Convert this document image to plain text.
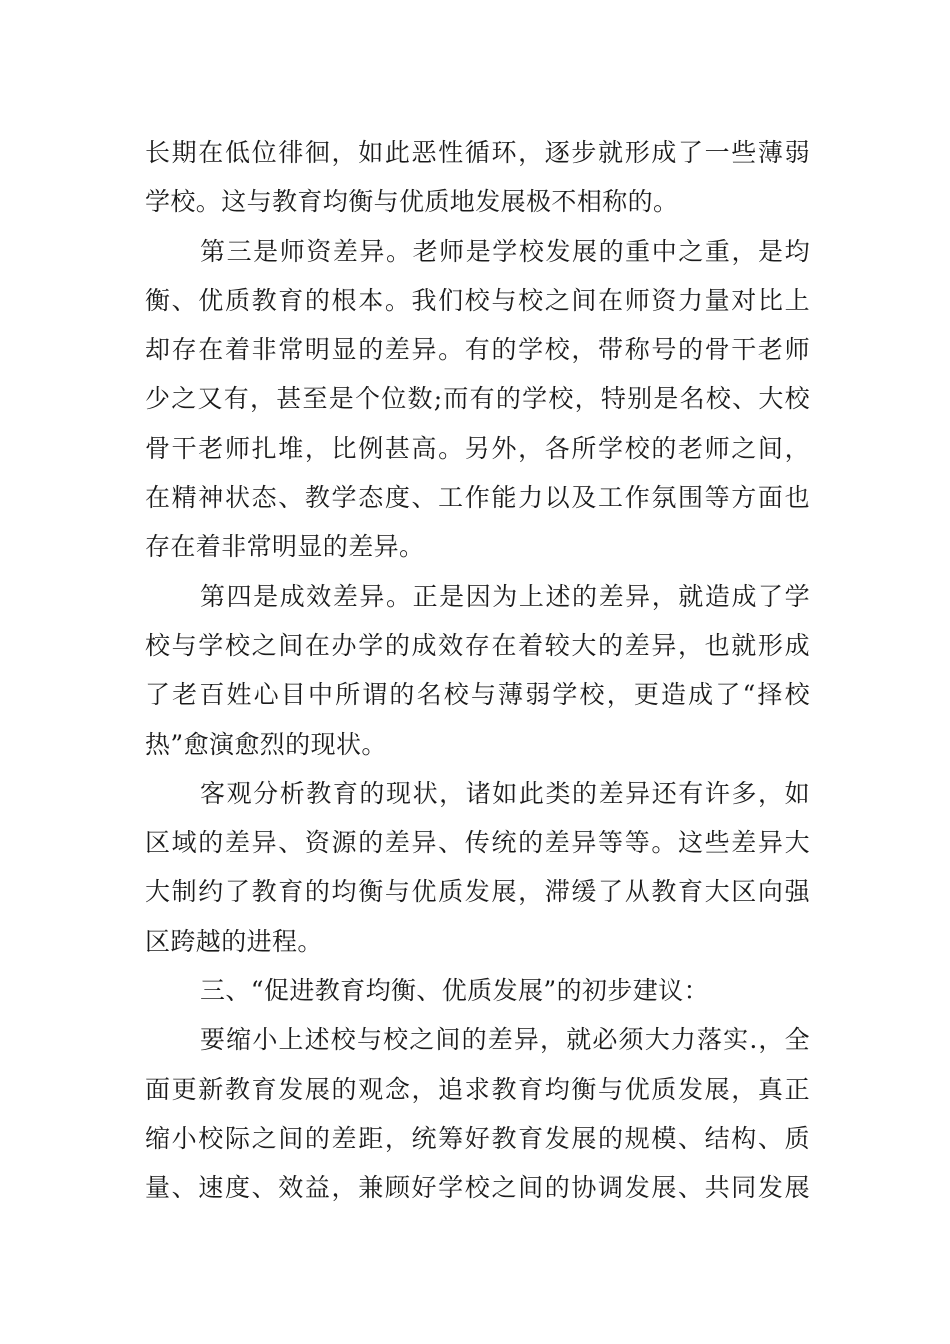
长期在低位徘徊，如此恶性循环，逐步就形成了一些薄弱
学校。这与教育均衡与优质地发展极不相称的。
第三是师资差异。老师是学校发展的重中之重，是均
衡、优质教育的根本。我们校与校之间在师资力量对比上
却存在着非常明显的差异。有的学校，带称号的骨干老师
少之又有，甚至是个位数;而有的学校，特别是名校、大校
骨干老师扎堆，比例甚高。另外，各所学校的老师之间，
在精神状态、教学态度、工作能力以及工作氛围等方面也
存在着非常明显的差异。
第四是成效差异。正是因为上述的差异，就造成了学
校与学校之间在办学的成效存在着较大的差异，也就形成
了老百姓心目中所谓的名校与薄弱学校，更造成了“择校
热”愈演愈烈的现状。
客观分析教育的现状，诸如此类的差异还有许多，如
区域的差异、资源的差异、传统的差异等等。这些差异大
大制约了教育的均衡与优质发展，滞缓了从教育大区向强
区跨越的进程。
三、“促进教育均衡、优质发展”的初步建议：
要缩小上述校与校之间的差异，就必须大力落实.，全
面更新教育发展的观念，追求教育均衡与优质发展，真正
缩小校际之间的差距，统筹好教育发展的规模、结构、质
量、速度、效益，兼顾好学校之间的协调发展、共同发展
